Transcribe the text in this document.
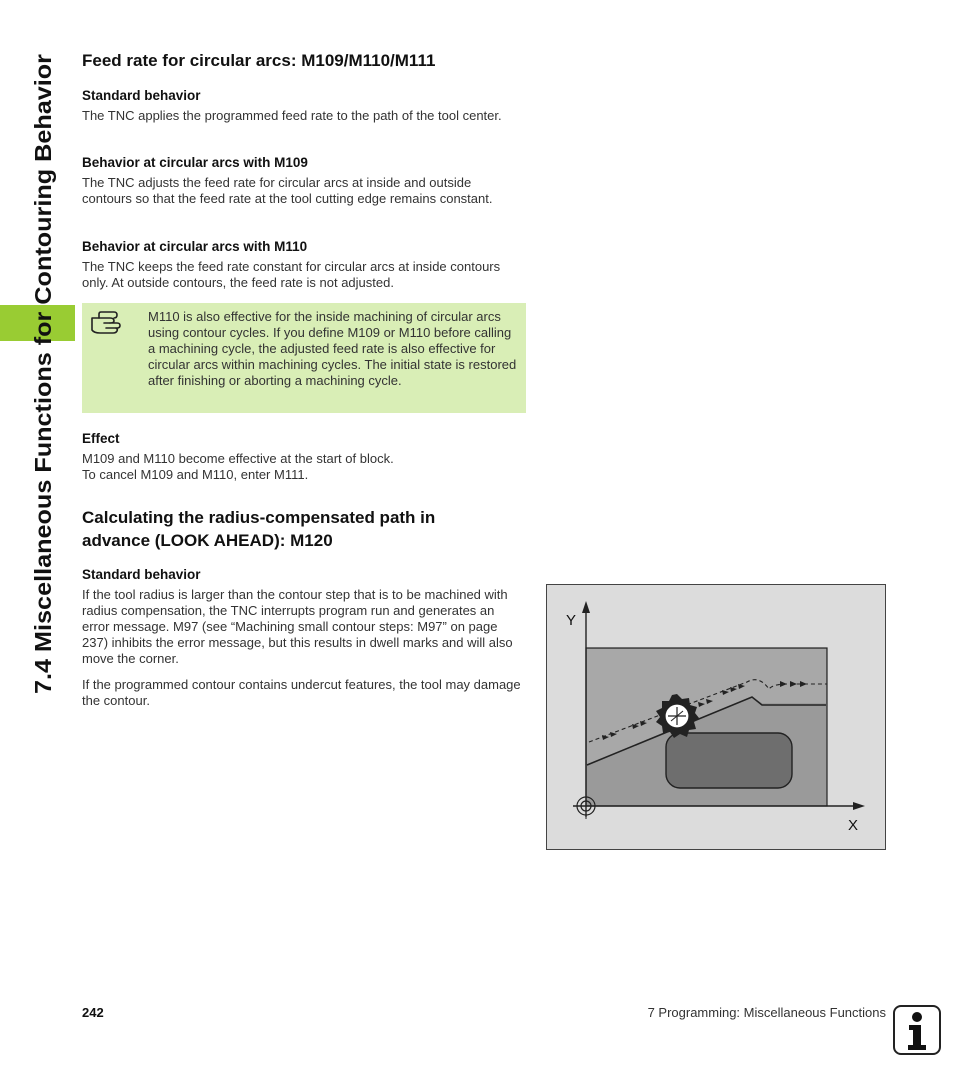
7.4 Miscellaneous Functions for Contouring Behavior
Feed rate for circular arcs: M109/M110/M111
Standard behavior

The TNC applies the programmed feed rate to the path of the tool center.

Behavior at circular arcs with M109

The TNC adjusts the feed rate for circular arcs at inside and outside contours so that the feed rate at the tool cutting edge remains constant.

Behavior at circular arcs with M110

The TNC keeps the feed rate constant for circular arcs at inside contours only. At outside contours, the feed rate is not adjusted.

M110 is also effective for the inside machining of circular arcs using contour cycles. If you define M109 or M110 before calling a machining cycle, the adjusted feed rate is also effective for circular arcs within machining cycles. The initial state is restored after finishing or aborting a machining cycle.

Effect

M109 and M110 become effective at the start of block.

To cancel M109 and M110, enter M111.

Calculating the radius-compensated path in
advance (LOOK AHEAD): M120
Standard behavior

If the tool radius is larger than the contour step that is to be machined with radius compensation, the TNC interrupts program run and generates an error message. M97 (see “Machining small contour steps: M97” on page 237) inhibits the error message, but this results in dwell marks and will also move the corner.

If the programmed contour contains undercut features, the tool may damage the contour.

Y
X
242	7 Programming: Miscellaneous Functions
